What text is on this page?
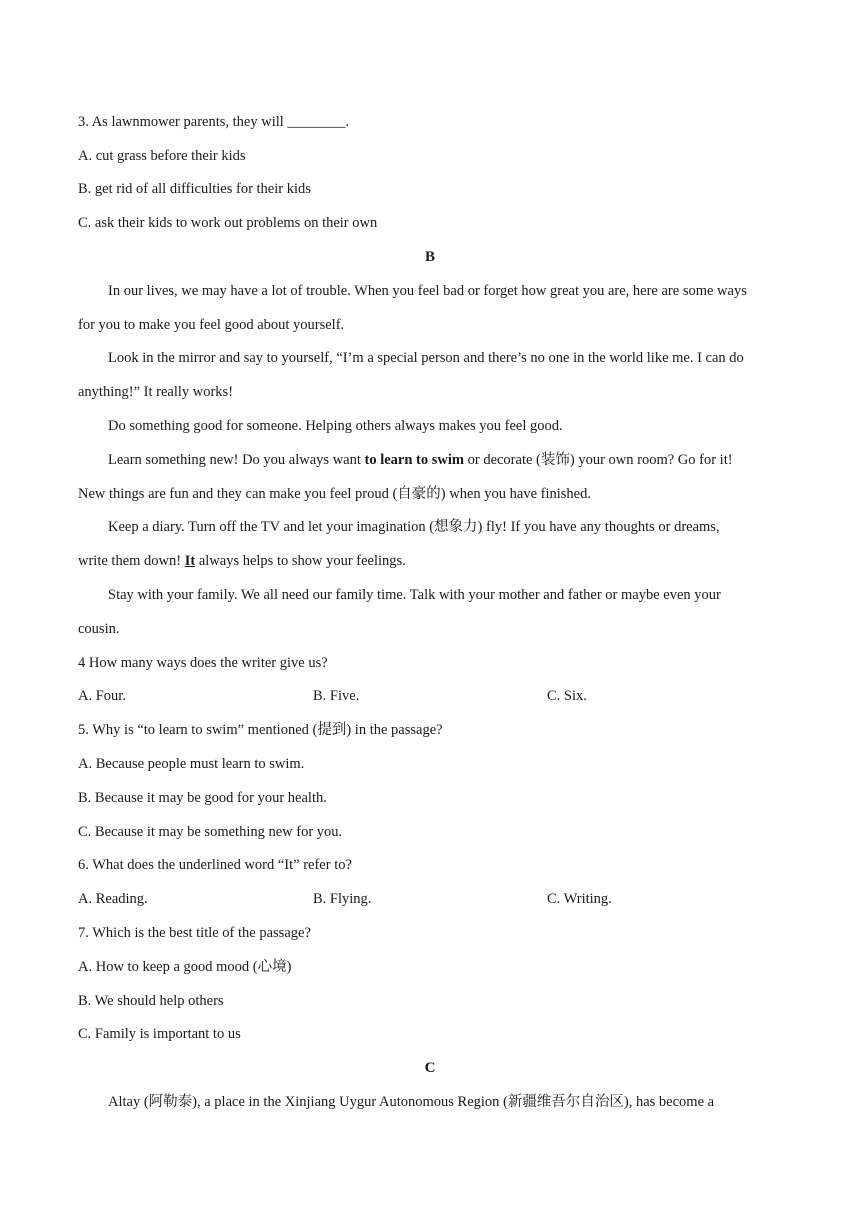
3. As lawnmower parents, they will ________.
A. cut grass before their kids
B. get rid of all difficulties for their kids
C. ask their kids to work out problems on their own
B
In our lives, we may have a lot of trouble. When you feel bad or forget how great you are, here are some ways
for you to make you feel good about yourself.
Look in the mirror and say to yourself, “I’m a special person and there’s no one in the world like me. I can do
anything!” It really works!
Do something good for someone. Helping others always makes you feel good.
Learn something new! Do you always want to learn to swim or decorate (装饰) your own room? Go for it!
New things are fun and they can make you feel proud (自豪的) when you have finished.
Keep a diary. Turn off the TV and let your imagination (想象力) fly! If you have any thoughts or dreams,
write them down! It always helps to show your feelings.
Stay with your family. We all need our family time. Talk with your mother and father or maybe even your
cousin.
4 How many ways does the writer give us?
A. Four.	B. Five.	C. Six.
5. Why is “to learn to swim” mentioned (提到) in the passage?
A. Because people must learn to swim.
B. Because it may be good for your health.
C. Because it may be something new for you.
6. What does the underlined word “It” refer to?
A. Reading.	B. Flying.	C. Writing.
7. Which is the best title of the passage?
A. How to keep a good mood (心境)
B. We should help others
C. Family is important to us
C
Altay (阿勒泰), a place in the Xinjiang Uygur Autonomous Region (新疆维吾尔自治区), has become a
